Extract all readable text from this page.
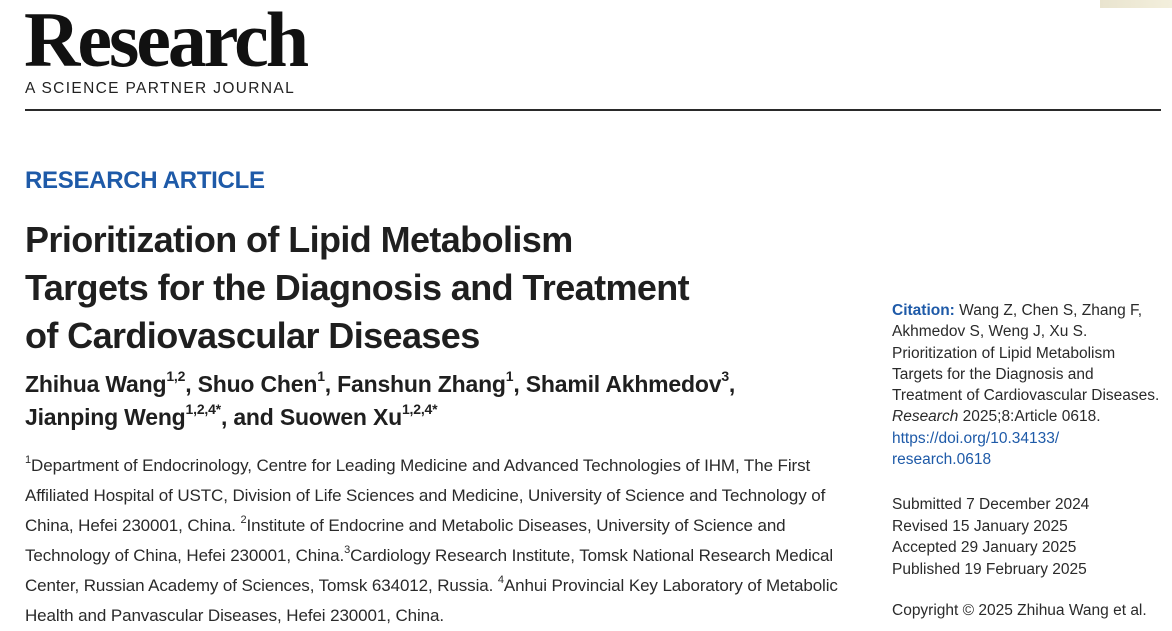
Research
A SCIENCE PARTNER JOURNAL
RESEARCH ARTICLE
Prioritization of Lipid Metabolism
Targets for the Diagnosis and Treatment
of Cardiovascular Diseases
Zhihua Wang$^{1,2}$, Shuo Chen$^1$, Fanshun Zhang$^1$, Shamil Akhmedov$^3$,
Jianping Weng$^{1,2,4*}$, and Suowen $Xu^{1,2,4*}$
$^1$Department of Endocrinology, Centre for Leading Medicine and Advanced Technologies of IHM, The First Affiliated Hospital of USTC, Division of Life Sciences and Medicine, University of Science and Technology of China, Hefei 230001, China. $^2$Institute of Endocrine and Metabolic Diseases, University of Science and Technology of China, Hefei 230001, China.$^3$Cardiology Research Institute, Tomsk National Research Medical Center, Russian Academy of Sciences, Tomsk 634012, Russia. $^4$Anhui Provincial Key Laboratory of Metabolic Health and Panvascular Diseases, Hefei 230001, China.
Citation: Wang Z, Chen S, Zhang F, Akhmedov S, Weng J, Xu S. Prioritization of Lipid Metabolism Targets for the Diagnosis and Treatment of Cardiovascular Diseases. Research 2025;8:Article 0618. https://doi.org/10.34133/
research.0618
Submitted 7 December 2024
Revised 15 January 2025
Accepted 29 January 2025
Published 19 February 2025
Copyright © 2025 Zhihua Wang et al.
